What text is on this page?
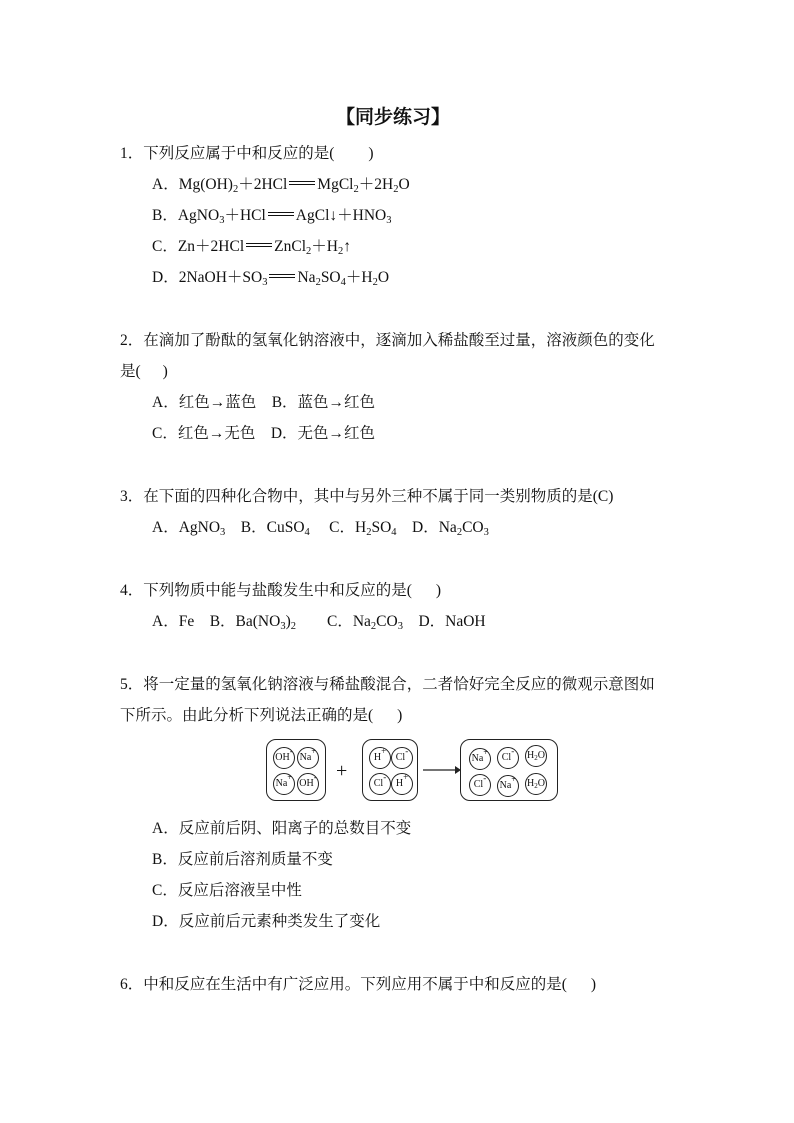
【同步练习】
1．下列反应属于中和反应的是( )
A．$Mg(OH)_2+2HCl$ $MgCl_2+2H_2O$
B．AgNO$_3$＋HCl $AgCl↓+HNO_3$
C．Zn＋2HCl $ZnCl_2+H_2↑$
D．$2NaOH+SO_3$ $Na_2SO_4+H_2O$
2．在滴加了酚酞的氢氧化钠溶液中，逐滴加入稀盐酸至过量，溶液颜色的变化
是( )
A．红色→蓝色　B．蓝色→红色
C．红色→无色　D．无色→红色
3．在下面的四种化合物中，其中与另外三种不属于同一类别物质的是(C)
A．AgNO$_3$　B．CuSO$_4$　 C．$H_2SO_4$　D．$Na_2CO_3$
4．下列物质中能与盐酸发生中和反应的是( )
A．Fe　B．$Ba(NO_3)_2$　　C．$Na_2CO_3$　D．NaOH
5．将一定量的氢氧化钠溶液与稀盐酸混合，二者恰好完全反应的微观示意图如
下所示。由此分析下列说法正确的是( )
OH-
Na+
Na+
OH- +
H+
Cl-
Cl-
H+
Na+	Cl-	$H_2O$
Cl-
Na+ $H_2O$
A．反应前后阴、阳离子的总数目不变
B．反应前后溶剂质量不变
C．反应后溶液呈中性
D．反应前后元素种类发生了变化
6．中和反应在生活中有广泛应用。下列应用不属于中和反应的是( )
